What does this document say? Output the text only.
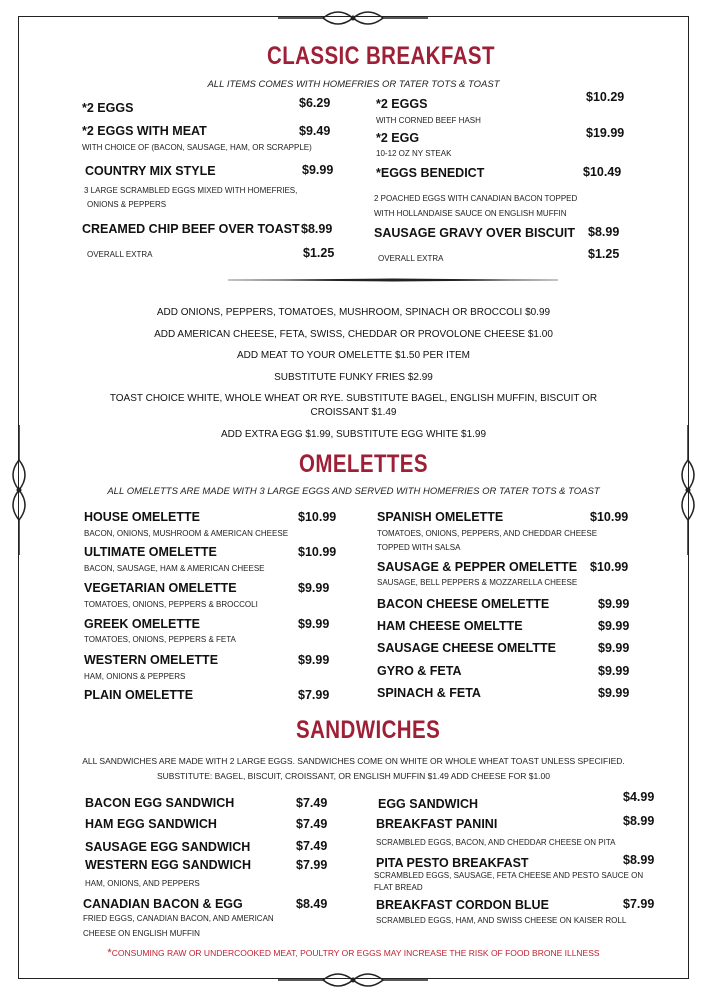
CLASSIC BREAKFAST
ALL ITEMS COMES WITH HOMEFRIES OR TATER TOTS & TOAST
*2 EGGS	$6.29
*2 EGGS WITH MEAT	$9.49
WITH CHOICE OF (BACON, SAUSAGE, HAM, OR SCRAPPLE)
COUNTRY MIX STYLE	$9.99
3 LARGE SCRAMBLED EGGS MIXED WITH HOMEFRIES,
ONIONS & PEPPERS
CREAMED CHIP BEEF OVER TOAST $8.99
OVERALL EXTRA	$1.25
*2 EGGS	$10.29
WITH CORNED BEEF HASH
*2 EGG	$19.99
10-12 OZ NY STEAK
*EGGS BENEDICT	$10.49
2 POACHED EGGS WITH CANADIAN BACON TOPPED
WITH HOLLANDAISE SAUCE ON ENGLISH MUFFIN
SAUSAGE GRAVY OVER BISCUIT $8.99
OVERALL EXTRA	$1.25
ADD ONIONS, PEPPERS, TOMATOES, MUSHROOM, SPINACH OR BROCCOLI $0.99
ADD AMERICAN CHEESE, FETA, SWISS, CHEDDAR OR PROVOLONE CHEESE $1.00
ADD MEAT TO YOUR OMELETTE $1.50 PER ITEM
SUBSTITUTE FUNKY FRIES $2.99
TOAST CHOICE WHITE, WHOLE WHEAT OR RYE. SUBSTITUTE BAGEL, ENGLISH MUFFIN, BISCUIT OR
CROISSANT $1.49
ADD EXTRA EGG $1.99, SUBSTITUTE EGG WHITE $1.99
OMELETTES
ALL OMELETTS ARE MADE WITH 3 LARGE EGGS AND SERVED WITH HOMEFRIES OR TATER TOTS & TOAST
HOUSE OMELETTE	$10.99
BACON, ONIONS, MUSHROOM & AMERICAN CHEESE
ULTIMATE OMELETTE	$10.99
BACON, SAUSAGE, HAM & AMERICAN CHEESE
VEGETARIAN OMELETTE	$9.99
TOMATOES, ONIONS, PEPPERS & BROCCOLI
GREEK OMELETTE	$9.99
TOMATOES, ONIONS, PEPPERS & FETA
WESTERN OMELETTE	$9.99
HAM, ONIONS & PEPPERS
PLAIN OMELETTE	$7.99
SPANISH OMELETTE	$10.99
TOMATOES, ONIONS, PEPPERS, AND CHEDDAR CHEESE
TOPPED WITH SALSA
SAUSAGE & PEPPER OMELETTE $10.99
SAUSAGE, BELL PEPPERS & MOZZARELLA CHEESE
BACON CHEESE OMELETTE	$9.99
HAM CHEESE OMELTTE	$9.99
SAUSAGE CHEESE OMELTTE	$9.99
GYRO & FETA	$9.99
SPINACH & FETA	$9.99
SANDWICHES
ALL SANDWICHES ARE MADE WITH 2 LARGE EGGS. SANDWICHES COME ON WHITE OR WHOLE WHEAT TOAST UNLESS SPECIFIED.
SUBSTITUTE: BAGEL, BISCUIT, CROISSANT, OR ENGLISH MUFFIN $1.49 ADD CHEESE FOR $1.00
BACON EGG SANDWICH	$7.49
HAM EGG SANDWICH	$7.49
SAUSAGE EGG SANDWICH	$7.49
WESTERN EGG SANDWICH	$7.99
HAM, ONIONS, AND PEPPERS
CANADIAN BACON & EGG	$8.49
FRIED EGGS, CANADIAN BACON, AND AMERICAN
CHEESE ON ENGLISH MUFFIN
EGG SANDWICH	$4.99
BREAKFAST PANINI	$8.99
SCRAMBLED EGGS, BACON, AND CHEDDAR CHEESE ON PITA
PITA PESTO BREAKFAST	$8.99
SCRAMBLED EGGS, SAUSAGE, FETA CHEESE AND PESTO SAUCE ON
FLAT BREAD
BREAKFAST CORDON BLUE	$7.99
SCRAMBLED EGGS, HAM, AND SWISS CHEESE ON KAISER ROLL
*CONSUMING RAW OR UNDERCOOKED MEAT, POULTRY OR EGGS MAY INCREASE THE RISK OF FOOD BRONE ILLNESS
